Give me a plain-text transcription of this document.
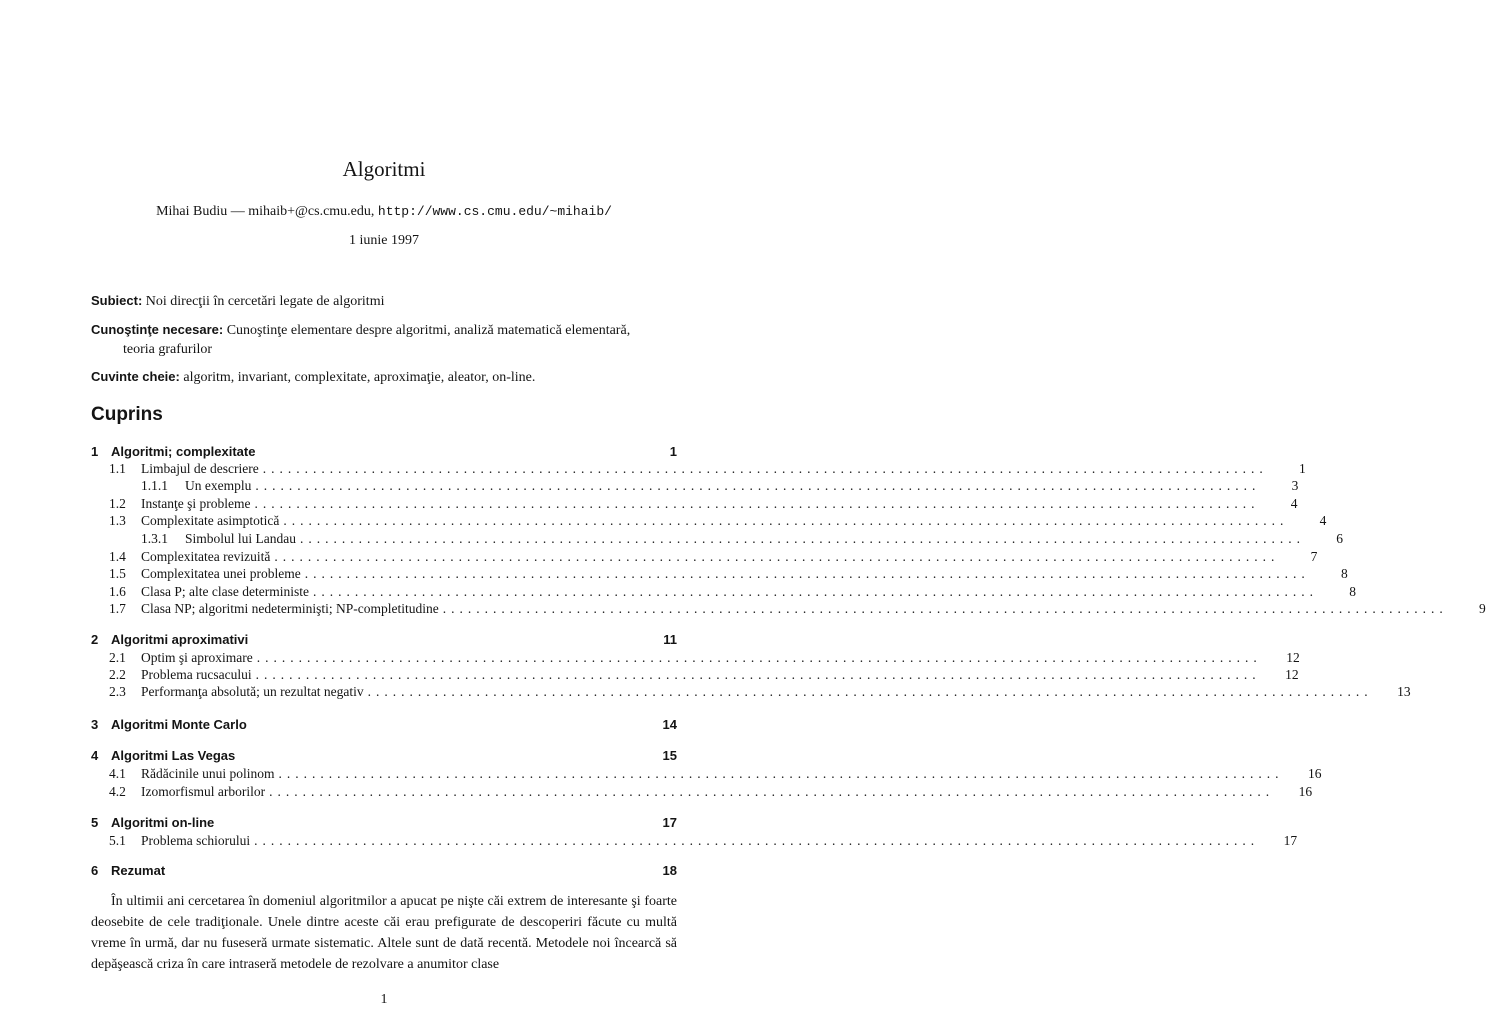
Algoritmi
Mihai Budiu — mihaib+@cs.cmu.edu, http://www.cs.cmu.edu/~mihaib/
1 iunie 1997
Subiect: Noi direcţii în cercetări legate de algoritmi
Cunoştinţe necesare: Cunoştinţe elementare despre algoritmi, analiză matematică elementară,
teoria grafurilor
Cuvinte cheie: algoritm, invariant, complexitate, aproximaţie, aleator, on-line.
Cuprins
1 Algoritmi; complexitate	1
1.1	Limbajul de descriere ........................................................................................................................	1
1.1.1	Un exemplu ........................................................................................................................	3
1.2	Instanţe şi probleme ........................................................................................................................	4
1.3	Complexitate asimptotică ........................................................................................................................	4
1.3.1	Simbolul lui Landau ........................................................................................................................	6
1.4	Complexitatea revizuită ........................................................................................................................	7
1.5	Complexitatea unei probleme ........................................................................................................................	8
1.6	Clasa P; alte clase deterministe ........................................................................................................................	8
1.7	Clasa NP; algoritmi nedeterminişti; NP-completitudine ........................................................................................................................	9
2 Algoritmi aproximativi	11
2.1	Optim şi aproximare ........................................................................................................................	12
2.2	Problema rucsacului ........................................................................................................................	12
2.3	Performanţa absolută; un rezultat negativ ........................................................................................................................	13
3 Algoritmi Monte Carlo	14
4 Algoritmi Las Vegas	15
4.1	Rădăcinile unui polinom ........................................................................................................................	16
4.2	Izomorfismul arborilor ........................................................................................................................	16
5 Algoritmi on-line	17
5.1	Problema schiorului ........................................................................................................................	17
6 Rezumat	18
În ultimii ani cercetarea în domeniul algoritmilor a apucat pe nişte căi extrem de interesante şi foarte deosebite de cele tradiţionale. Unele dintre aceste căi erau prefigurate de descoperiri făcute cu multă vreme în urmă, dar nu fuseseră urmate sistematic. Altele sunt de dată recentă. Metodele noi încearcă să depăşească criza în care intraseră metodele de rezolvare a anumitor clase
1
